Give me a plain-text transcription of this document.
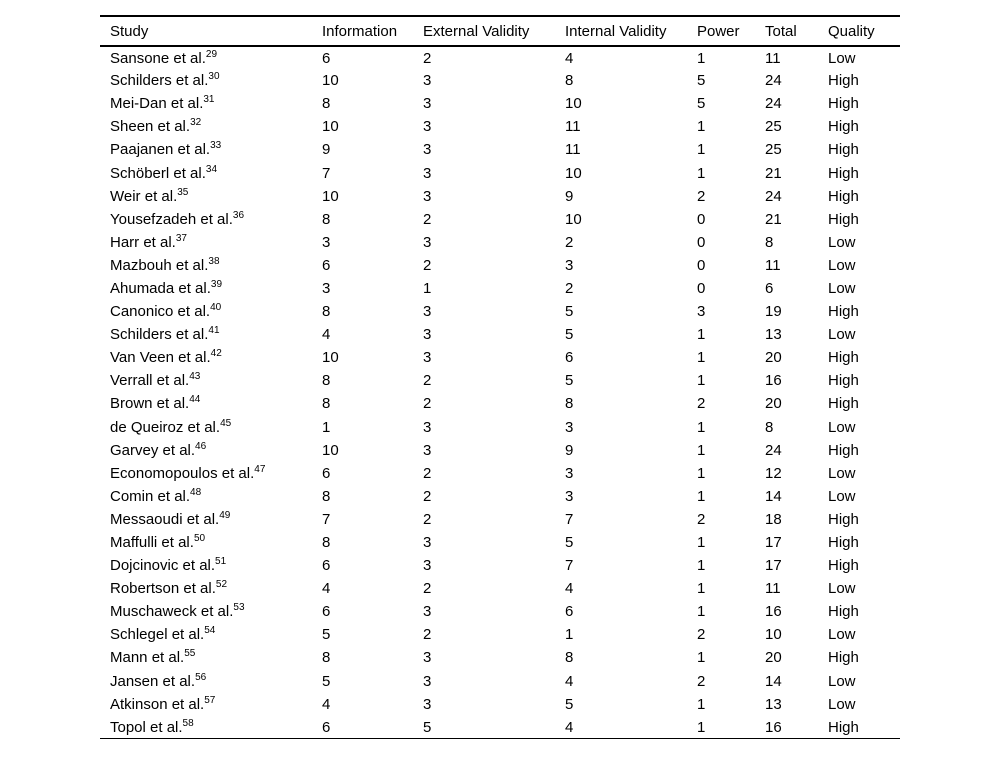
Study	Information	External Validity	Internal Validity	Power	Total	Quality
Sansone et al.$^{29}$	6	2	4	1	11	Low
Schilders et al.$^{30}$	10	3	8	5	24	High
Mei-Dan et al.$^{31}$	8	3	10	5	24	High
Sheen et al.$^{32}$	10	3	11	1	25	High
Paajanen et al.$^{33}$	9	3	11	1	25	High
Schöberl et al.$^{34}$	7	3	10	1	21	High
Weir et al.$^{35}$	10	3	9	2	24	High
Yousefzadeh et al.$^{36}$	8	2	10	0	21	High
Harr et al.$^{37}$	3	3	2	0	8	Low
Mazbouh et al.$^{38}$	6	2	3	0	11	Low
Ahumada et al.$^{39}$	3	1	2	0	6	Low
Canonico et al.$^{40}$	8	3	5	3	19	High
Schilders et al.$^{41}$	4	3	5	1	13	Low
Van Veen et al.$^{42}$	10	3	6	1	20	High
Verrall et al.$^{43}$	8	2	5	1	16	High
Brown et al.$^{44}$	8	2	8	2	20	High
de Queiroz et al.$^{45}$	1	3	3	1	8	Low
Garvey et al.$^{46}$	10	3	9	1	24	High
Economopoulos et al.$^{47}$	6	2	3	1	12	Low
Comin et al.$^{48}$	8	2	3	1	14	Low
Messaoudi et al.$^{49}$	7	2	7	2	18	High
Maffulli et al.$^{50}$	8	3	5	1	17	High
Dojcinovic et al.$^{51}$	6	3	7	1	17	High
Robertson et al.$^{52}$	4	2	4	1	11	Low
Muschaweck et al.$^{53}$	6	3	6	1	16	High
Schlegel et al.$^{54}$	5	2	1	2	10	Low
Mann et al.$^{55}$	8	3	8	1	20	High
Jansen et al.$^{56}$	5	3	4	2	14	Low
Atkinson et al.$^{57}$	4	3	5	1	13	Low
Topol et al.$^{58}$	6	5	4	1	16	High
